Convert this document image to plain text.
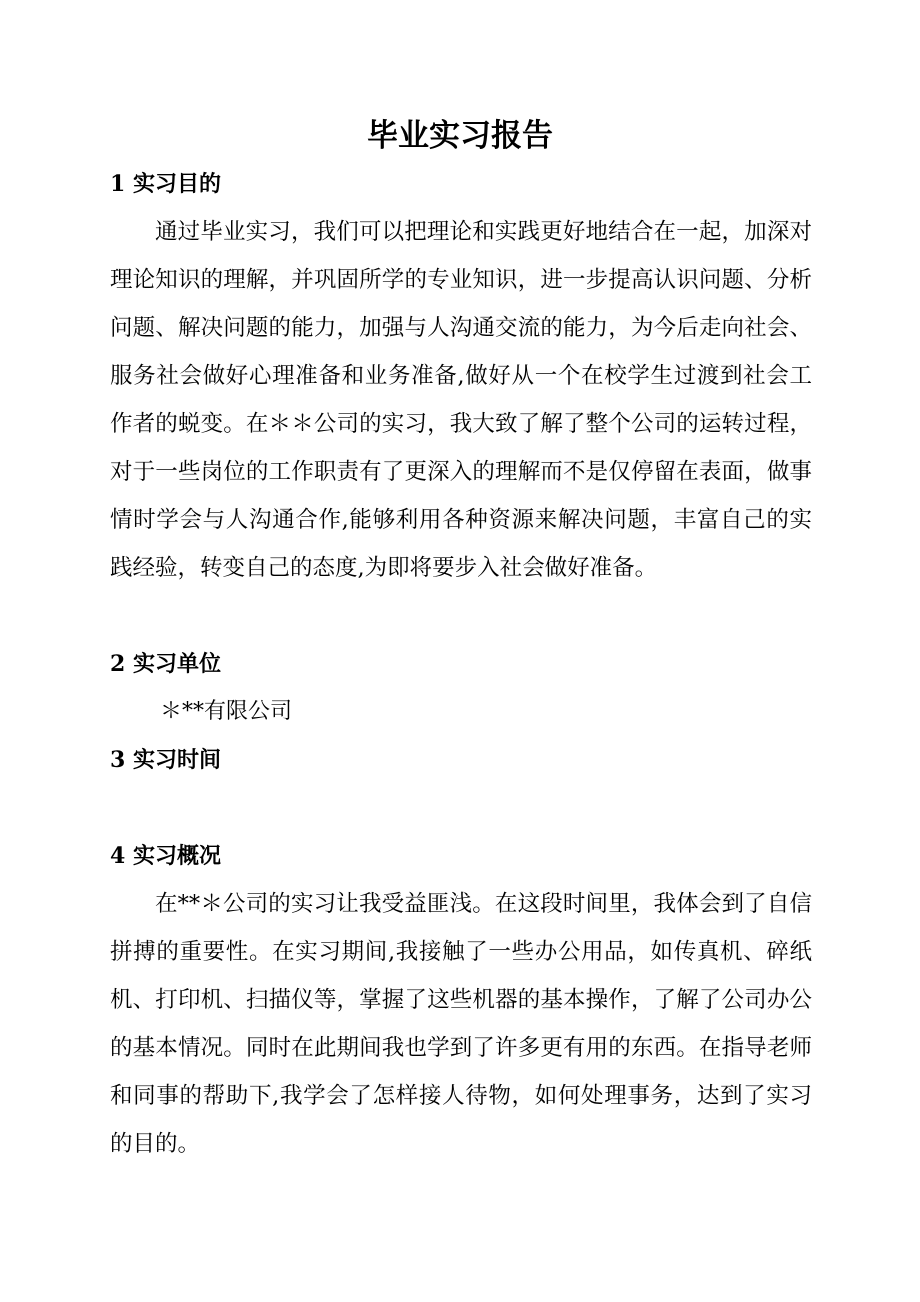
毕业实习报告
1 实习目的

通过毕业实习，我们可以把理论和实践更好地结合在一起，加深对理论知识的理解，并巩固所学的专业知识，进一步提高认识问题、分析问题、解决问题的能力，加强与人沟通交流的能力，为今后走向社会、服务社会做好心理准备和业务准备,做好从一个在校学生过渡到社会工作者的蜕变。在＊＊公司的实习，我大致了解了整个公司的运转过程，对于一些岗位的工作职责有了更深入的理解而不是仅停留在表面，做事情时学会与人沟通合作,能够利用各种资源来解决问题，丰富自己的实践经验，转变自己的态度,为即将要步入社会做好准备。

2 实习单位

＊**有限公司

3 实习时间
4 实习概况

在**＊公司的实习让我受益匪浅。在这段时间里，我体会到了自信拼搏的重要性。在实习期间,我接触了一些办公用品，如传真机、碎纸机、打印机、扫描仪等，掌握了这些机器的基本操作，了解了公司办公的基本情况。同时在此期间我也学到了许多更有用的东西。在指导老师和同事的帮助下,我学会了怎样接人待物，如何处理事务，达到了实习的目的。
